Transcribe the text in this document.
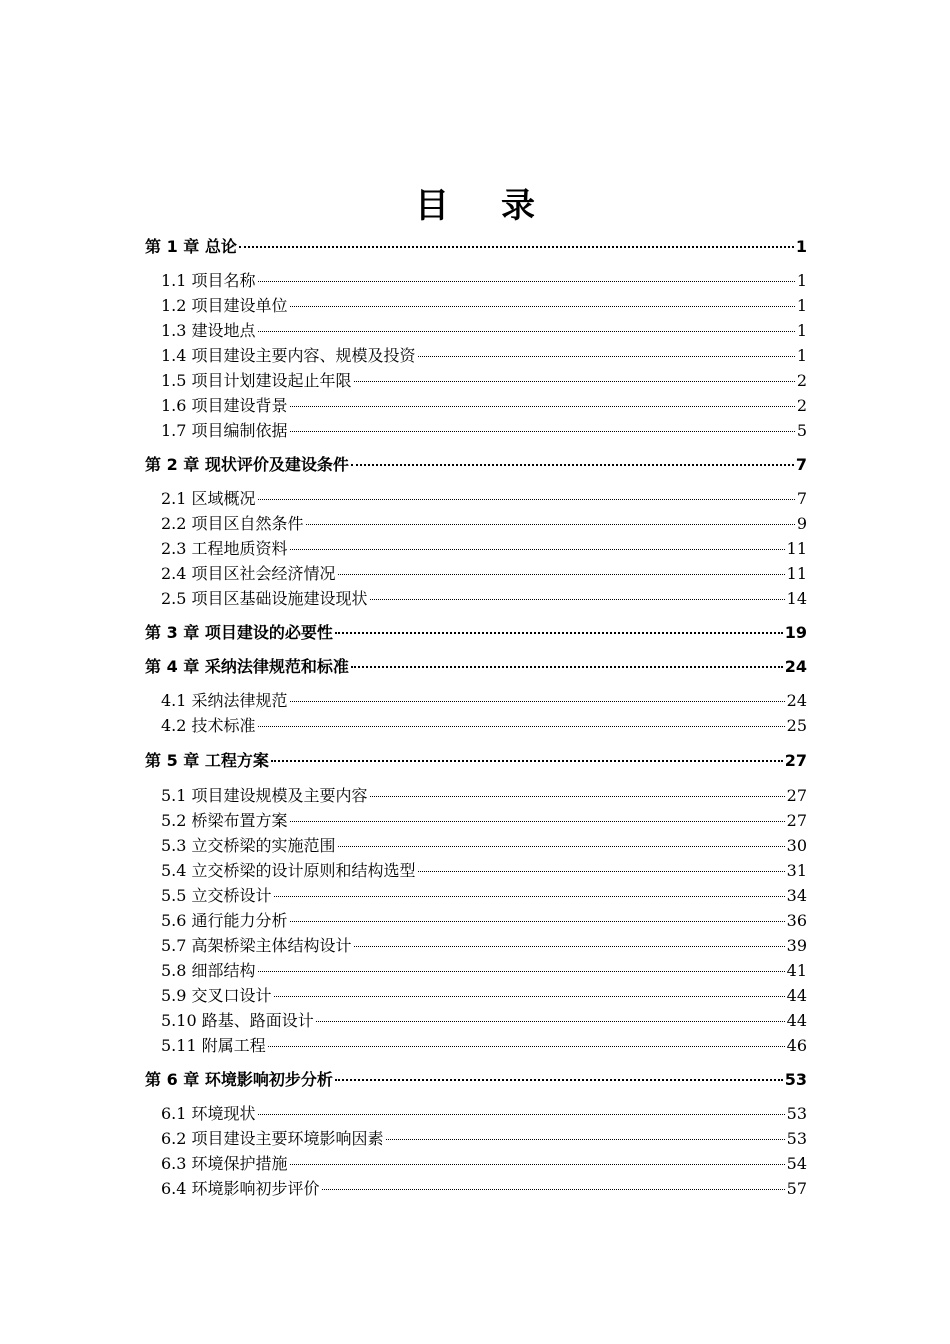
目 录
第 1 章 总论	1
1.1 项目名称	1
1.2 项目建设单位	1
1.3 建设地点	1
1.4 项目建设主要内容、规模及投资	1
1.5 项目计划建设起止年限	2
1.6 项目建设背景	2
1.7 项目编制依据	5
第 2 章 现状评价及建设条件	7
2.1 区域概况	7
2.2 项目区自然条件	9
2.3 工程地质资料	11
2.4 项目区社会经济情况	11
2.5 项目区基础设施建设现状	14
第 3 章 项目建设的必要性	19
第 4 章 采纳法律规范和标准	24
4.1 采纳法律规范	24
4.2 技术标准	25
第 5 章 工程方案	27
5.1 项目建设规模及主要内容	27
5.2 桥梁布置方案	27
5.3 立交桥梁的实施范围	30
5.4 立交桥梁的设计原则和结构选型	31
5.5 立交桥设计	34
5.6 通行能力分析	36
5.7 高架桥梁主体结构设计	39
5.8 细部结构	41
5.9 交叉口设计	44
5.10 路基、路面设计	44
5.11 附属工程	46
第 6 章 环境影响初步分析	53
6.1 环境现状	53
6.2 项目建设主要环境影响因素	53
6.3 环境保护措施	54
6.4 环境影响初步评价	57
